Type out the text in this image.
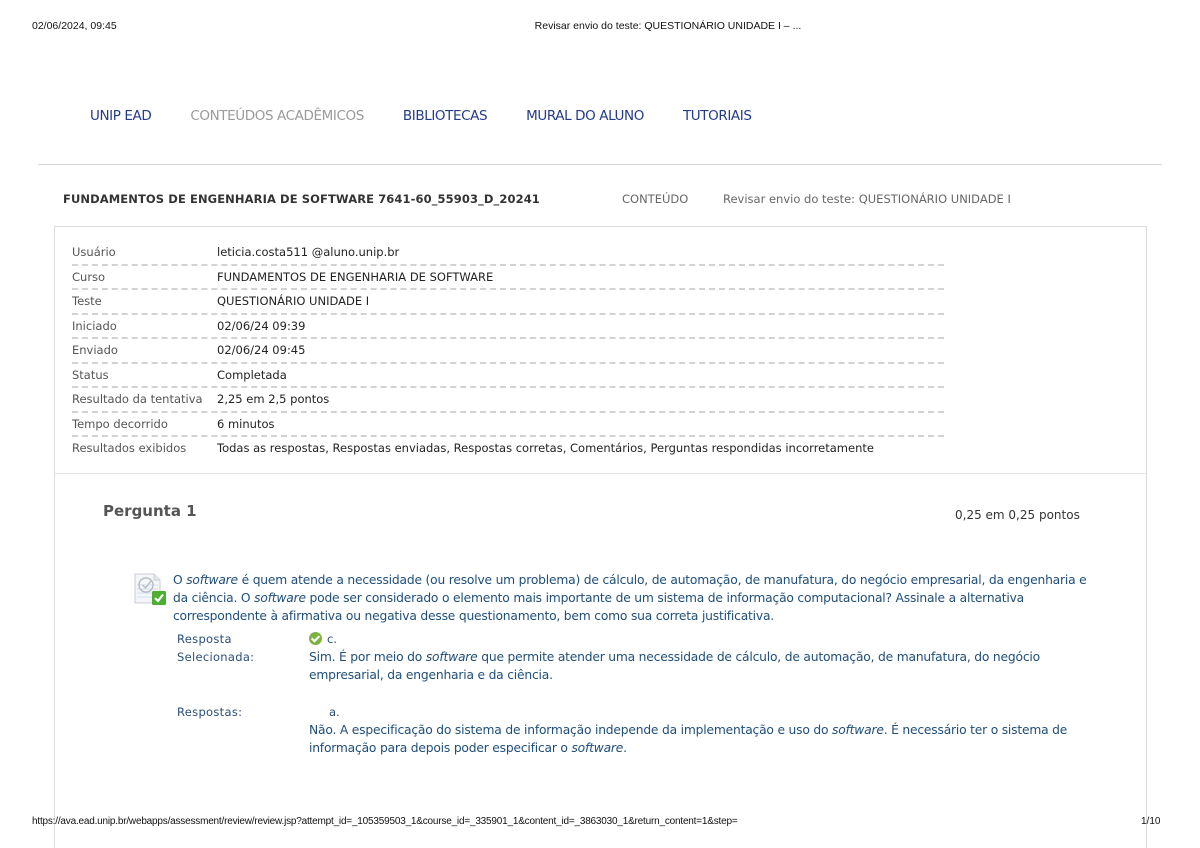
02/06/2024, 09:45	Revisar envio do teste: QUESTIONÁRIO UNIDADE I – ...
UNIP EAD	CONTEÚDOS ACADÊMICOS	BIBLIOTECAS	MURAL DO ALUNO	TUTORIAIS
FUNDAMENTOS DE ENGENHARIA DE SOFTWARE 7641-60_55903_D_20241	CONTEÚDO	Revisar envio do teste: QUESTIONÁRIO UNIDADE I
Usuário	leticia.costa511 @aluno.unip.br
Curso	FUNDAMENTOS DE ENGENHARIA DE SOFTWARE
Teste	QUESTIONÁRIO UNIDADE I
Iniciado	02/06/24 09:39
Enviado	02/06/24 09:45
Status	Completada
Resultado da tentativa 2,25 em 2,5 pontos
Tempo decorrido	6 minutos
Resultados exibidos	Todas as respostas, Respostas enviadas, Respostas corretas, Comentários, Perguntas respondidas incorretamente
Pergunta 1	0,25 em 0,25 pontos
O software é quem atende a necessidade (ou resolve um problema) de cálculo, de automação, de manufatura, do negócio empresarial, da engenharia e da ciência. O software pode ser considerado o elemento mais importante de um sistema de informação computacional? Assinale a alternativa correspondente à afirmativa ou negativa desse questionamento, bem como sua correta justificativa.
Resposta
Selecionada:
c.
Sim. É por meio do software que permite atender uma necessidade de cálculo, de automação, de manufatura, do negócio empresarial, da engenharia e da ciência.
Respostas:	a.
Não. A especificação do sistema de informação independe da implementação e uso do software. É necessário ter o sistema de informação para depois poder especificar o software.
https://ava.ead.unip.br/webapps/assessment/review/review.jsp?attempt_id=_105359503_1&course_id=_335901_1&content_id=_3863030_1&return_content=1&step=	1/10
